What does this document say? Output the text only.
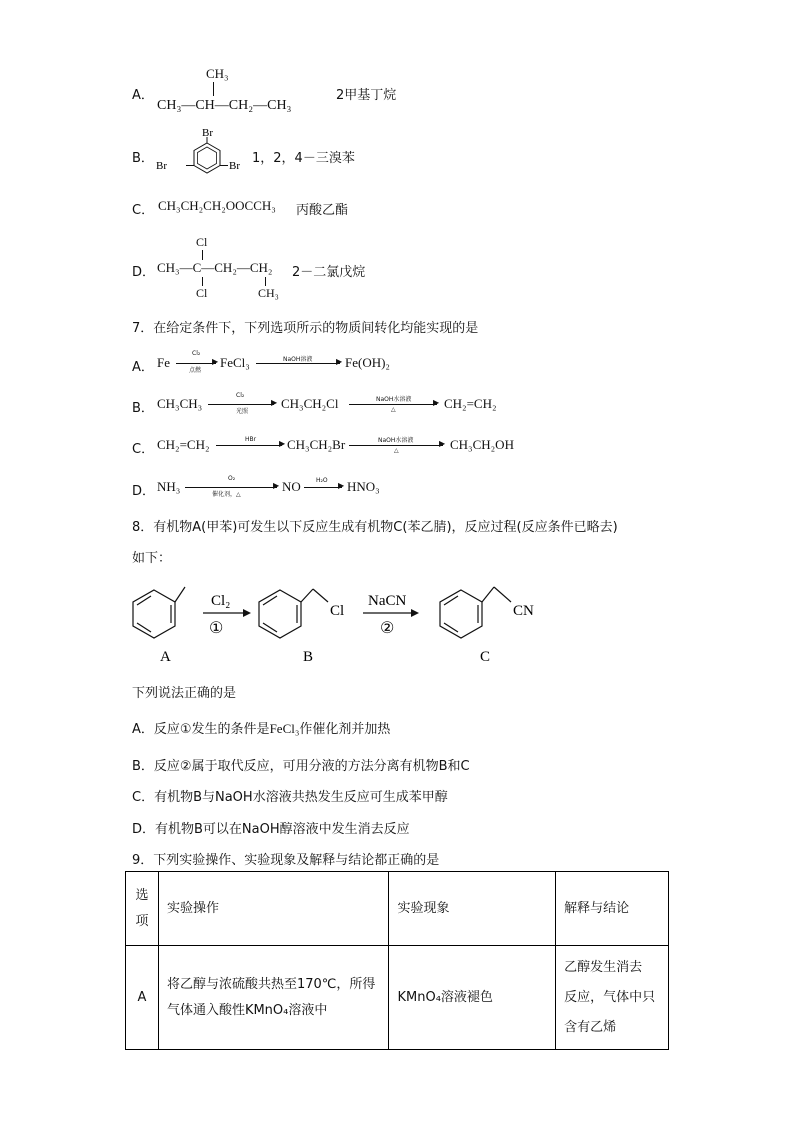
A．
CH₃
CH₃—CH—CH₂—CH₃
2甲基丁烷
B．
Br
Br	Br 1，2，4－三溴苯
C． CH₃CH₂CH₂OOCCH₃ 丙酸乙酯
D．
Cl
CH₃—C—CH₂—CH₂
Cl	CH₃
2－二氯戊烷
7．在给定条件下，下列选项所示的物质间转化均能实现的是
A． Fe
Cl₂
▶
点燃
FeCl₃	NaOH溶液	▶ Fe(OH)₂
B． CH₃CH₃
Cl₂
▶
光照
CH₃CH₂Cl	NaOH水溶液	▶
△	CH₂=CH₂
C． CH₂=CH₂	HBr	▶ CH₃CH₂Br	NaOH水溶液	▶
△	CH₃CH₂OH
D． NH₃
O₂
▶
催化剂，△
NO	H₂O
▶ HNO₃
8．有机物A(甲苯)可发生以下反应生成有机物C(苯乙腈)，反应过程(反应条件已略去)
如下：
A
Cl₂
①
Cl
B
NaCN
②
CN
C
下列说法正确的是
A．反应①发生的条件是FeCl₃作催化剂并加热
B．反应②属于取代反应，可用分液的方法分离有机物B和C
C．有机物B与NaOH水溶液共热发生反应可生成苯甲醇
D．有机物B可以在NaOH醇溶液中发生消去反应
9．下列实验操作、实验现象及解释与结论都正确的是
选
项	实验操作	实验现象	解释与结论

A	将乙醇与浓硫酸共热至170℃，所得
气体通入酸性KMnO₄溶液中	KMnO₄溶液褪色	乙醇发生消去
反应，气体中只
含有乙烯
